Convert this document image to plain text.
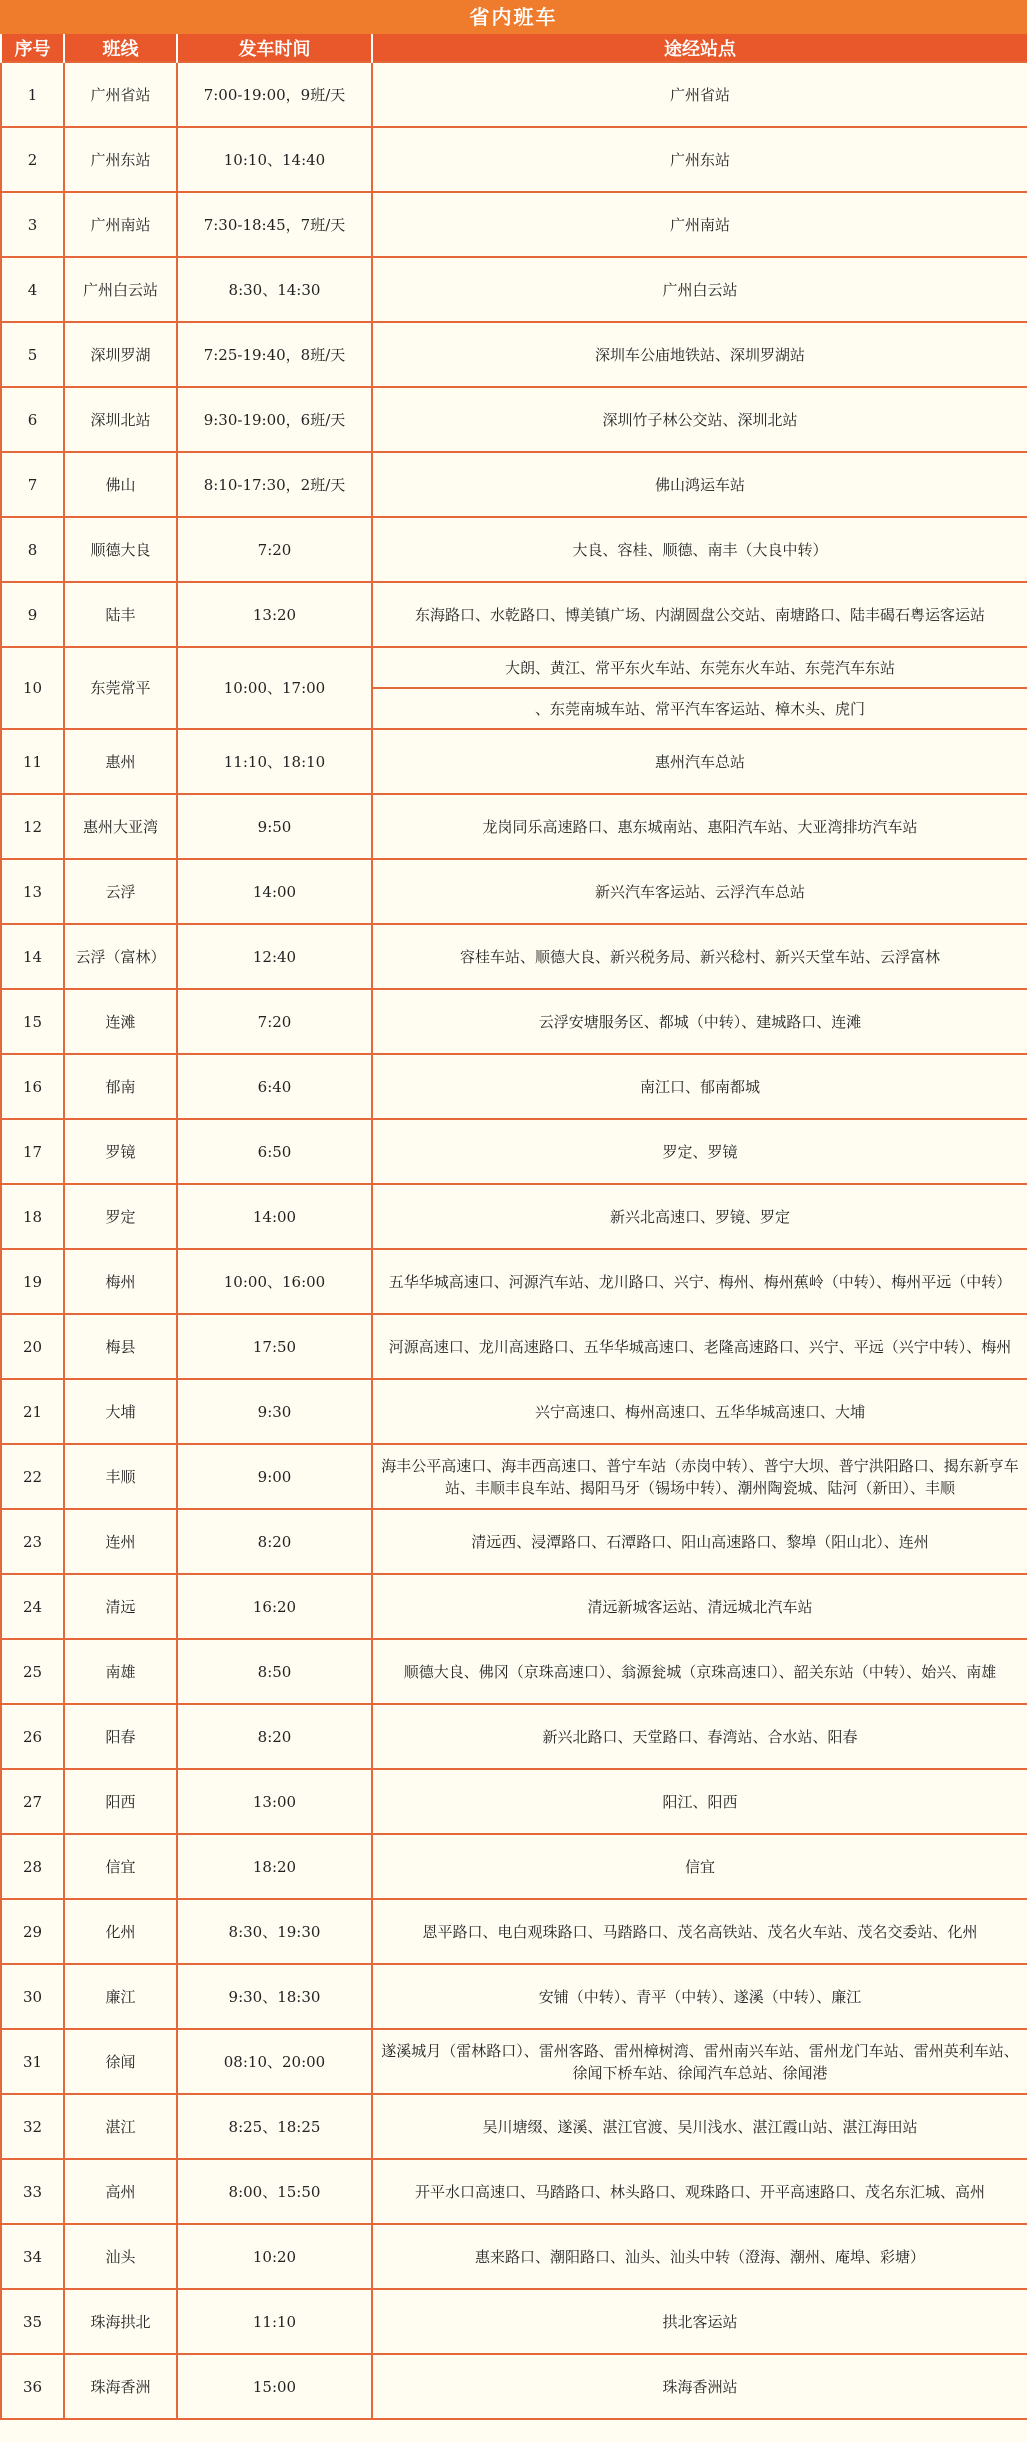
省内班车
序号	班线	发车时间	途经站点
1	广州省站	7:00-19:00，9班/天	广州省站
2	广州东站	10:10、14:40	广州东站
3	广州南站	7:30-18:45，7班/天	广州南站
4	广州白云站	8:30、14:30	广州白云站
5	深圳罗湖	7:25-19:40，8班/天	深圳车公庙地铁站、深圳罗湖站
6	深圳北站	9:30-19:00，6班/天	深圳竹子林公交站、深圳北站
7	佛山	8:10-17:30，2班/天	佛山鸿运车站
8	顺德大良	7:20	大良、容桂、顺德、南丰（大良中转）
9	陆丰	13:20	东海路口、水乾路口、博美镇广场、内湖圆盘公交站、南塘路口、陆丰碣石粤运客运站
10	东莞常平	10:00、17:00	大朗、黄江、常平东火车站、东莞东火车站、东莞汽车东站
			、东莞南城车站、常平汽车客运站、樟木头、虎门
11	惠州	11:10、18:10	惠州汽车总站
12	惠州大亚湾	9:50	龙岗同乐高速路口、惠东城南站、惠阳汽车站、大亚湾排坊汽车站
13	云浮	14:00	新兴汽车客运站、云浮汽车总站
14	云浮（富林）	12:40	容桂车站、顺德大良、新兴税务局、新兴稔村、新兴天堂车站、云浮富林
15	连滩	7:20	云浮安塘服务区、都城（中转）、建城路口、连滩
16	郁南	6:40	南江口、郁南都城
17	罗镜	6:50	罗定、罗镜
18	罗定	14:00	新兴北高速口、罗镜、罗定
19	梅州	10:00、16:00	五华华城高速口、河源汽车站、龙川路口、兴宁、梅州、梅州蕉岭（中转）、梅州平远（中转）
20	梅县	17:50	河源高速口、龙川高速路口、五华华城高速口、老隆高速路口、兴宁、平远（兴宁中转）、梅州
21	大埔	9:30	兴宁高速口、梅州高速口、五华华城高速口、大埔
22	丰顺	9:00	海丰公平高速口、海丰西高速口、普宁车站（赤岗中转）、普宁大坝、普宁洪阳路口、揭东新亨车站、丰顺丰良车站、揭阳马牙（锡场中转）、潮州陶瓷城、陆河（新田）、丰顺
23	连州	8:20	清远西、浸潭路口、石潭路口、阳山高速路口、黎埠（阳山北）、连州
24	清远	16:20	清远新城客运站、清远城北汽车站
25	南雄	8:50	顺德大良、佛冈（京珠高速口）、翁源瓮城（京珠高速口）、韶关东站（中转）、始兴、南雄
26	阳春	8:20	新兴北路口、天堂路口、春湾站、合水站、阳春
27	阳西	13:00	阳江、阳西
28	信宜	18:20	信宜
29	化州	8:30、19:30	恩平路口、电白观珠路口、马踏路口、茂名高铁站、茂名火车站、茂名交委站、化州
30	廉江	9:30、18:30	安铺（中转）、青平（中转）、遂溪（中转）、廉江
31	徐闻	08:10、20:00	遂溪城月（雷林路口）、雷州客路、雷州樟树湾、雷州南兴车站、雷州龙门车站、雷州英利车站、徐闻下桥车站、徐闻汽车总站、徐闻港
32	湛江	8:25、18:25	吴川塘缀、遂溪、湛江官渡、吴川浅水、湛江霞山站、湛江海田站
33	高州	8:00、15:50	开平水口高速口、马踏路口、林头路口、观珠路口、开平高速路口、茂名东汇城、高州
34	汕头	10:20	惠来路口、潮阳路口、汕头、汕头中转（澄海、潮州、庵埠、彩塘）
35	珠海拱北	11:10	拱北客运站
36	珠海香洲	15:00	珠海香洲站
